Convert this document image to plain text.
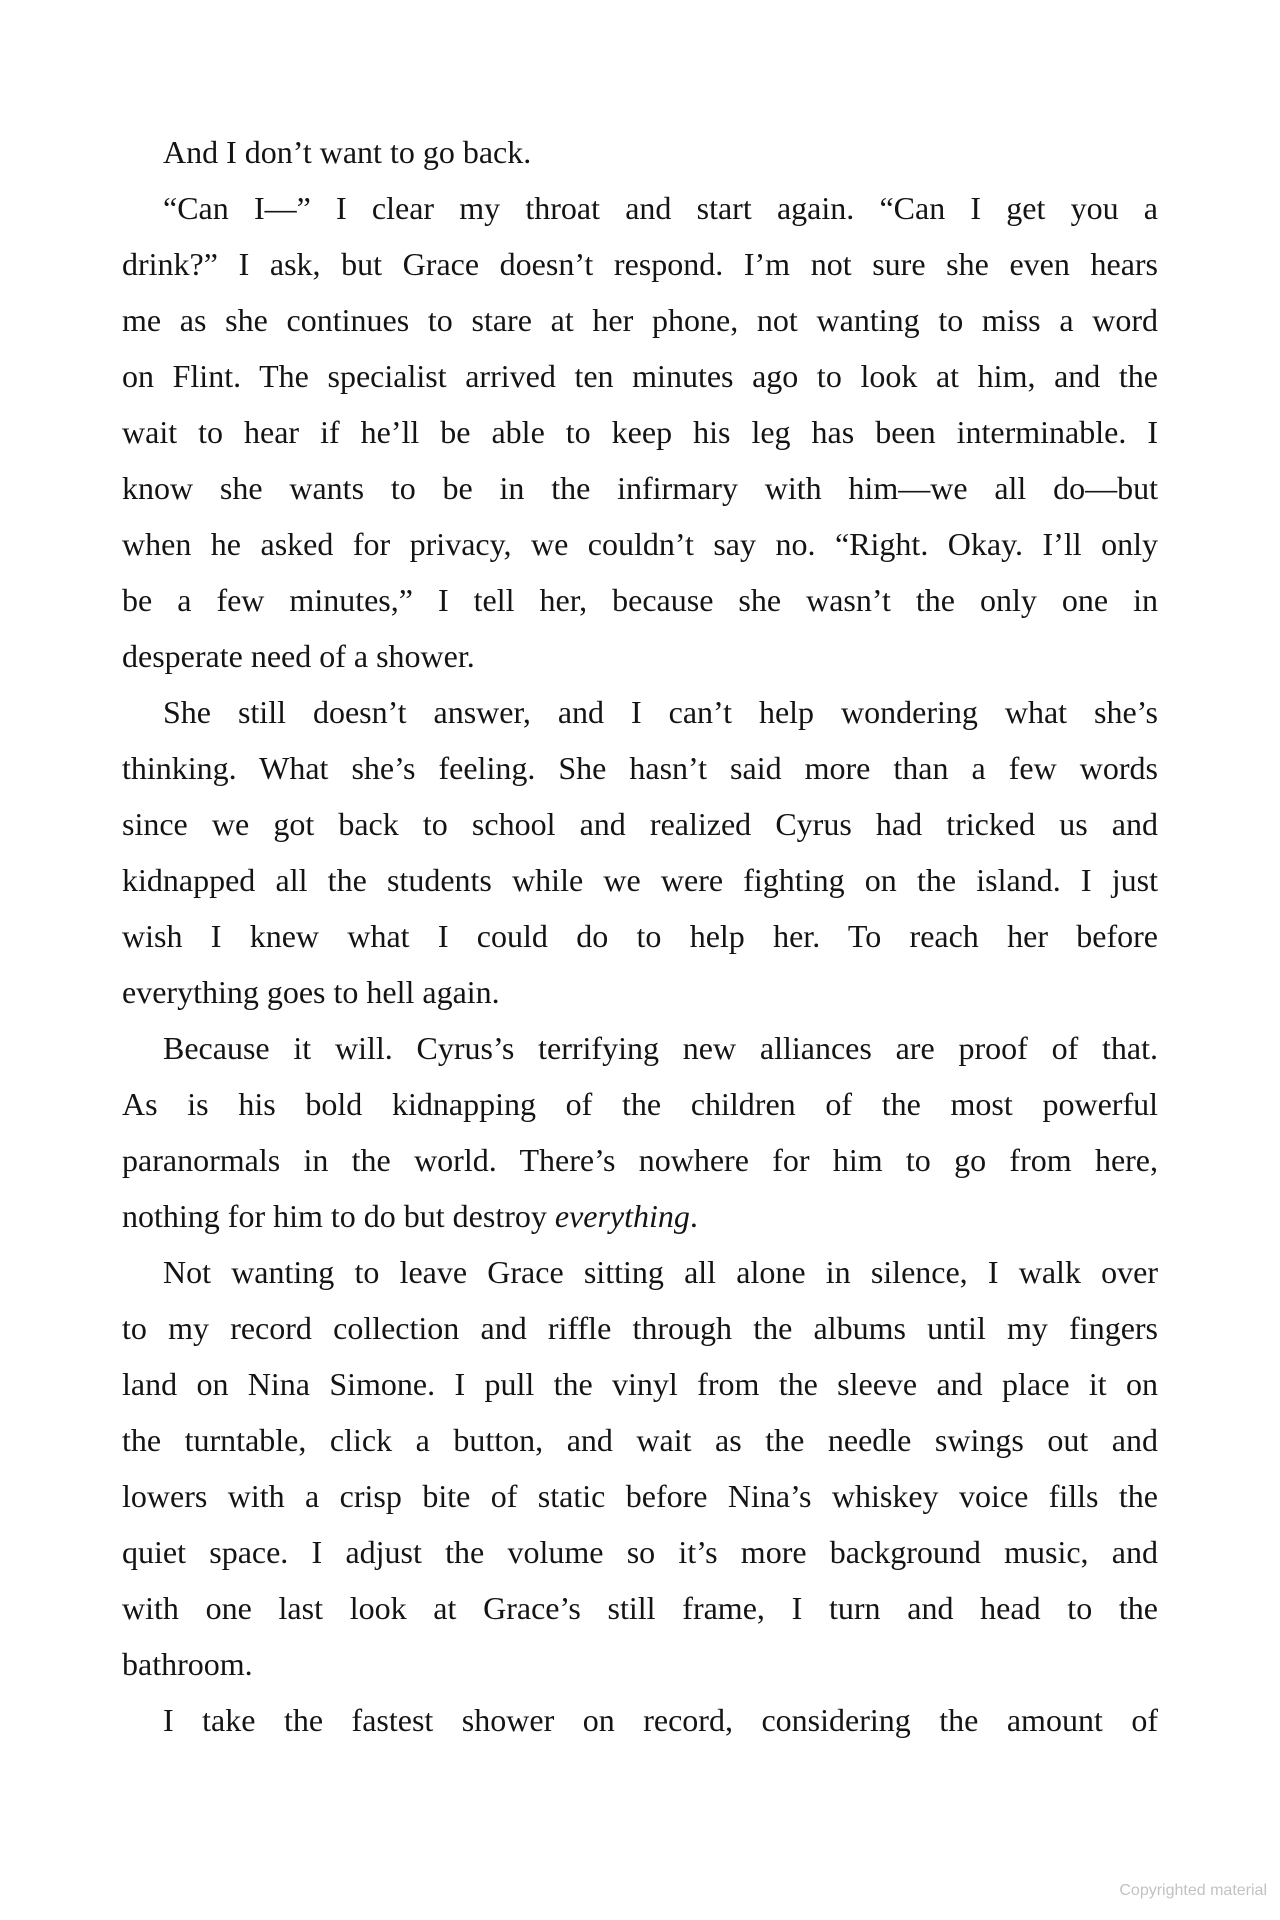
And I don’t want to go back.
“Can I—” I clear my throat and start again. “Can I get you a
drink?” I ask, but Grace doesn’t respond. I’m not sure she even hears
me as she continues to stare at her phone, not wanting to miss a word
on Flint. The specialist arrived ten minutes ago to look at him, and the
wait to hear if he’ll be able to keep his leg has been interminable. I
know she wants to be in the infirmary with him—we all do—but
when he asked for privacy, we couldn’t say no. “Right. Okay. I’ll only
be a few minutes,” I tell her, because she wasn’t the only one in
desperate need of a shower.
She still doesn’t answer, and I can’t help wondering what she’s
thinking. What she’s feeling. She hasn’t said more than a few words
since we got back to school and realized Cyrus had tricked us and
kidnapped all the students while we were fighting on the island. I just
wish I knew what I could do to help her. To reach her before
everything goes to hell again.
Because it will. Cyrus’s terrifying new alliances are proof of that.
As is his bold kidnapping of the children of the most powerful
paranormals in the world. There’s nowhere for him to go from here,
nothing for him to do but destroy everything.
Not wanting to leave Grace sitting all alone in silence, I walk over
to my record collection and riffle through the albums until my fingers
land on Nina Simone. I pull the vinyl from the sleeve and place it on
the turntable, click a button, and wait as the needle swings out and
lowers with a crisp bite of static before Nina’s whiskey voice fills the
quiet space. I adjust the volume so it’s more background music, and
with one last look at Grace’s still frame, I turn and head to the
bathroom.
I take the fastest shower on record, considering the amount of
Copyrighted material
